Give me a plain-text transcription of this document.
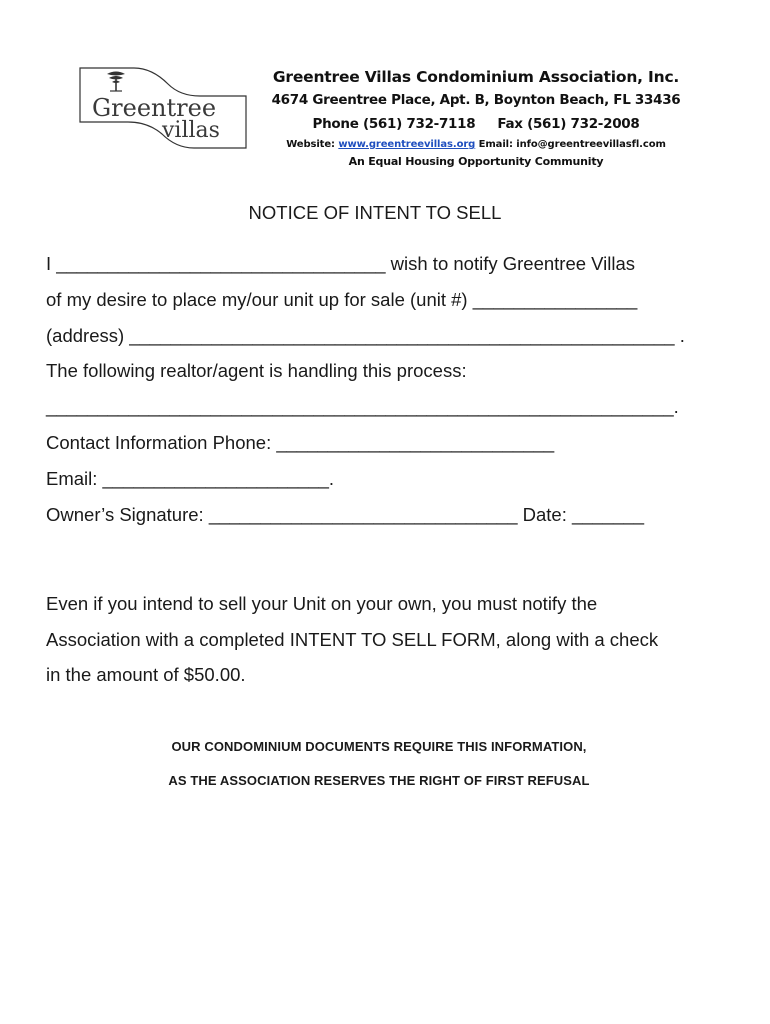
Greentree
villas
Greentree Villas Condominium Association, Inc.
4674 Greentree Place, Apt. B, Boynton Beach, FL 33436
Phone (561) 732-7118 Fax (561) 732-2008
Website: www.greentreevillas.org Email: info@greentreevillasfl.com
An Equal Housing Opportunity Community
NOTICE OF INTENT TO SELL
I ________________________________ wish to notify Greentree Villas
of my desire to place my/our unit up for sale (unit #) ________________
(address) _____________________________________________________ .
The following realtor/agent is handling this process:
_____________________________________________________________.
Contact Information Phone: ___________________________
Email: ______________________.
Owner’s Signature: ______________________________ Date: _______
Even if you intend to sell your Unit on your own, you must notify the
Association with a completed INTENT TO SELL FORM, along with a check
in the amount of $50.00.
OUR CONDOMINIUM DOCUMENTS REQUIRE THIS INFORMATION,
AS THE ASSOCIATION RESERVES THE RIGHT OF FIRST REFUSAL
